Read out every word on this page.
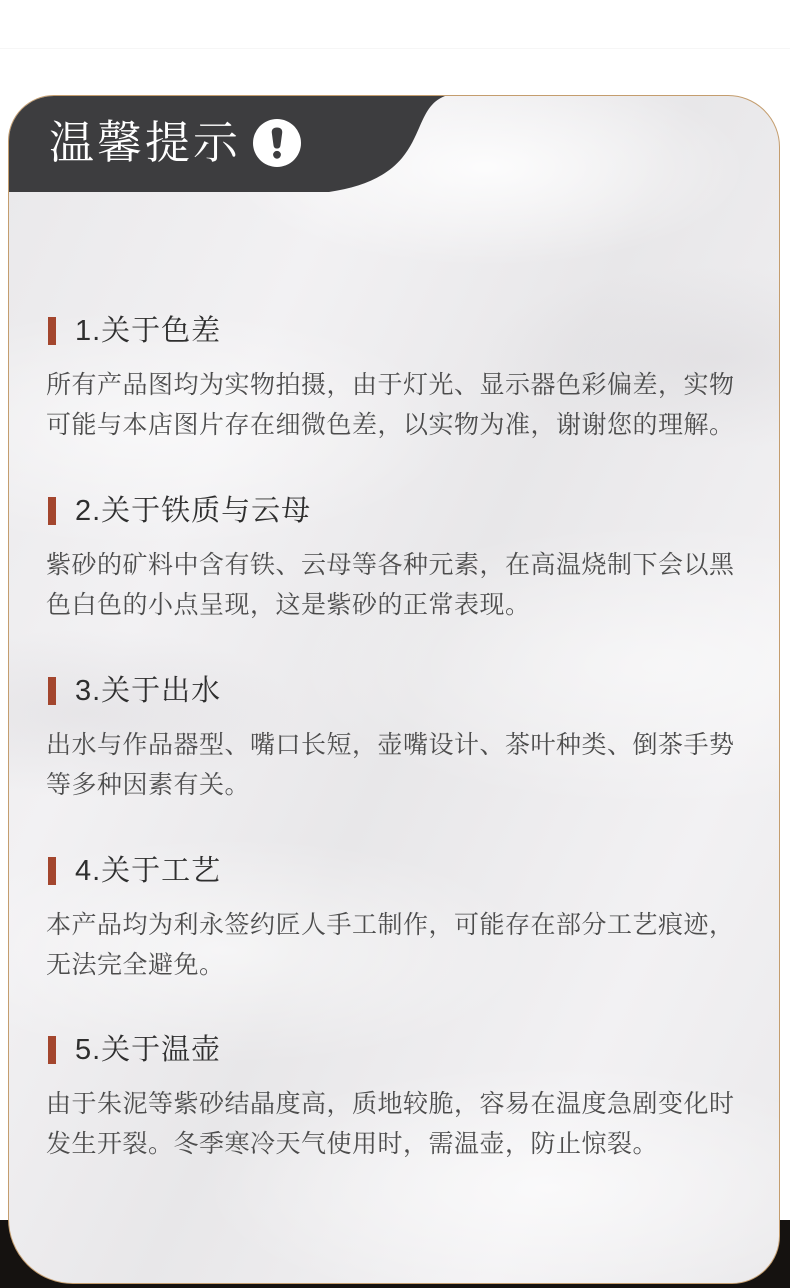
温馨提示
1.关于色差
所有产品图均为实物拍摄，由于灯光、显示器色彩偏差，实物可能与本店图片存在细微色差，以实物为准，谢谢您的理解。
2.关于铁质与云母
紫砂的矿料中含有铁、云母等各种元素，在高温烧制下会以黑色白色的小点呈现，这是紫砂的正常表现。
3.关于出水
出水与作品器型、嘴口长短，壶嘴设计、茶叶种类、倒茶手势等多种因素有关。
4.关于工艺
本产品均为利永签约匠人手工制作，可能存在部分工艺痕迹，无法完全避免。
5.关于温壶
由于朱泥等紫砂结晶度高，质地较脆，容易在温度急剧变化时发生开裂。冬季寒冷天气使用时，需温壶，防止惊裂。
